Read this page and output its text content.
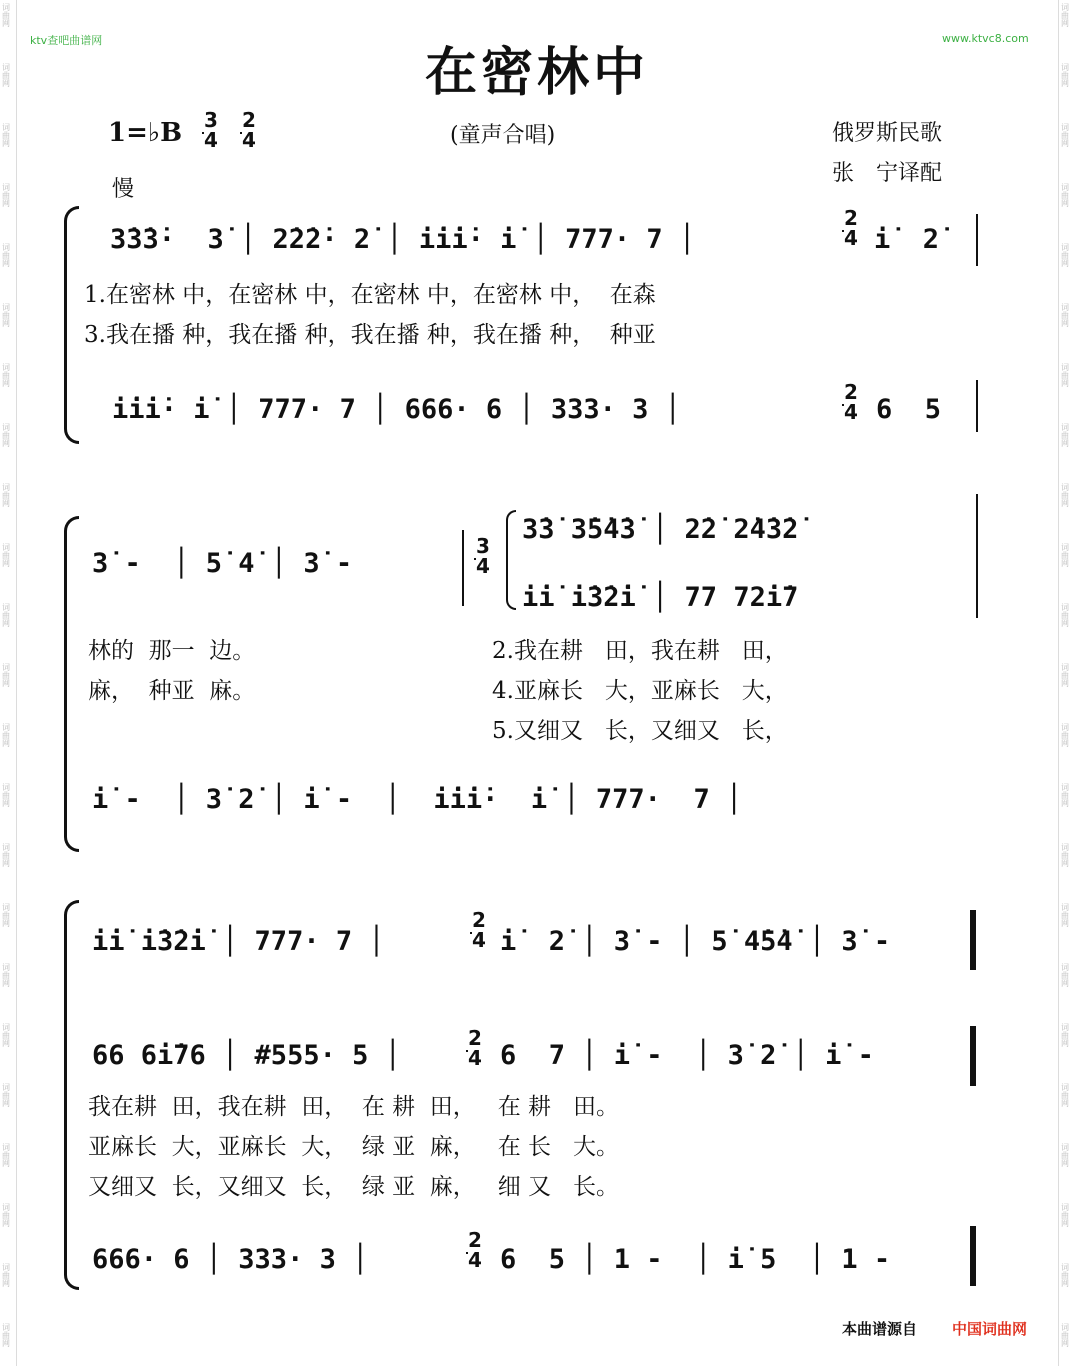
词曲网
词曲网
词曲网
词曲网
词曲网
词曲网
词曲网
词曲网
词曲网
词曲网
词曲网
词曲网
词曲网
词曲网
词曲网
词曲网
词曲网
词曲网
词曲网
词曲网
词曲网
词曲网
词曲网
词曲网
词曲网
词曲网
词曲网
词曲网
词曲网
词曲网
词曲网
词曲网
词曲网
词曲网
词曲网
词曲网
词曲网
词曲网
词曲网
词曲网
词曲网
词曲网
词曲网
词曲网
词曲网
词曲网
ktv查吧曲谱网	www.ktvc8.com
在密林中
1=♭B 3
4
2
4
慢
(童声合唱)	俄罗斯民歌
张　宁译配
3̇3̇3̇·  3̇ │ 2̇2̇2̇· 2̇ │ i̇i̇i̇· i̇ │ 777· 7 │
2
4 i̇  2̇
1.在密林 中，在密林 中，在密林 中，在密林 中，  在森
3.我在播 种，我在播 种，我在播 种，我在播 种，  种亚
i̇i̇i̇· i̇ │ 777· 7 │ 666· 6 │ 333· 3 │
2
4 6  5
3̇ -  │ 5̇ 4̇ │ 3̇ -
3
4
3̇3̇ 3̇5̇4̇3̇ │ 2̇2̇ 2̇4̇3̇2̇
i̇i̇ i̇3̇2̇i̇ │ 77 72̇i̇7
林的  那一  边。
麻，  种亚  麻。
2.我在耕   田，我在耕   田，
4.亚麻长   大，亚麻长   大，
5.又细又   长，又细又   长，
i̇ -  │ 3̇ 2̇ │ i̇ -  │  i̇i̇i̇·  i̇ │ 777·  7 │
i̇i̇ i̇3̇2̇i̇ │ 777· 7 │
2
4 i̇  2̇ │ 3̇ - │ 5̇ 4̇5̇4̇ │ 3̇ -
66 6i̇76 │ #555· 5 │
2
4 6  7 │ i̇ -  │ 3̇ 2̇ │ i̇ -
我在耕  田，我在耕  田，  在 耕  田，   在 耕   田。
亚麻长  大，亚麻长  大，  绿 亚  麻，   在 长   大。
又细又  长，又细又  长，  绿 亚  麻，   细 又   长。
666· 6 │ 333· 3 │
2
4 6  5 │ 1 -  │ i̇ 5  │ 1 -
本曲谱源自 中国词曲网
